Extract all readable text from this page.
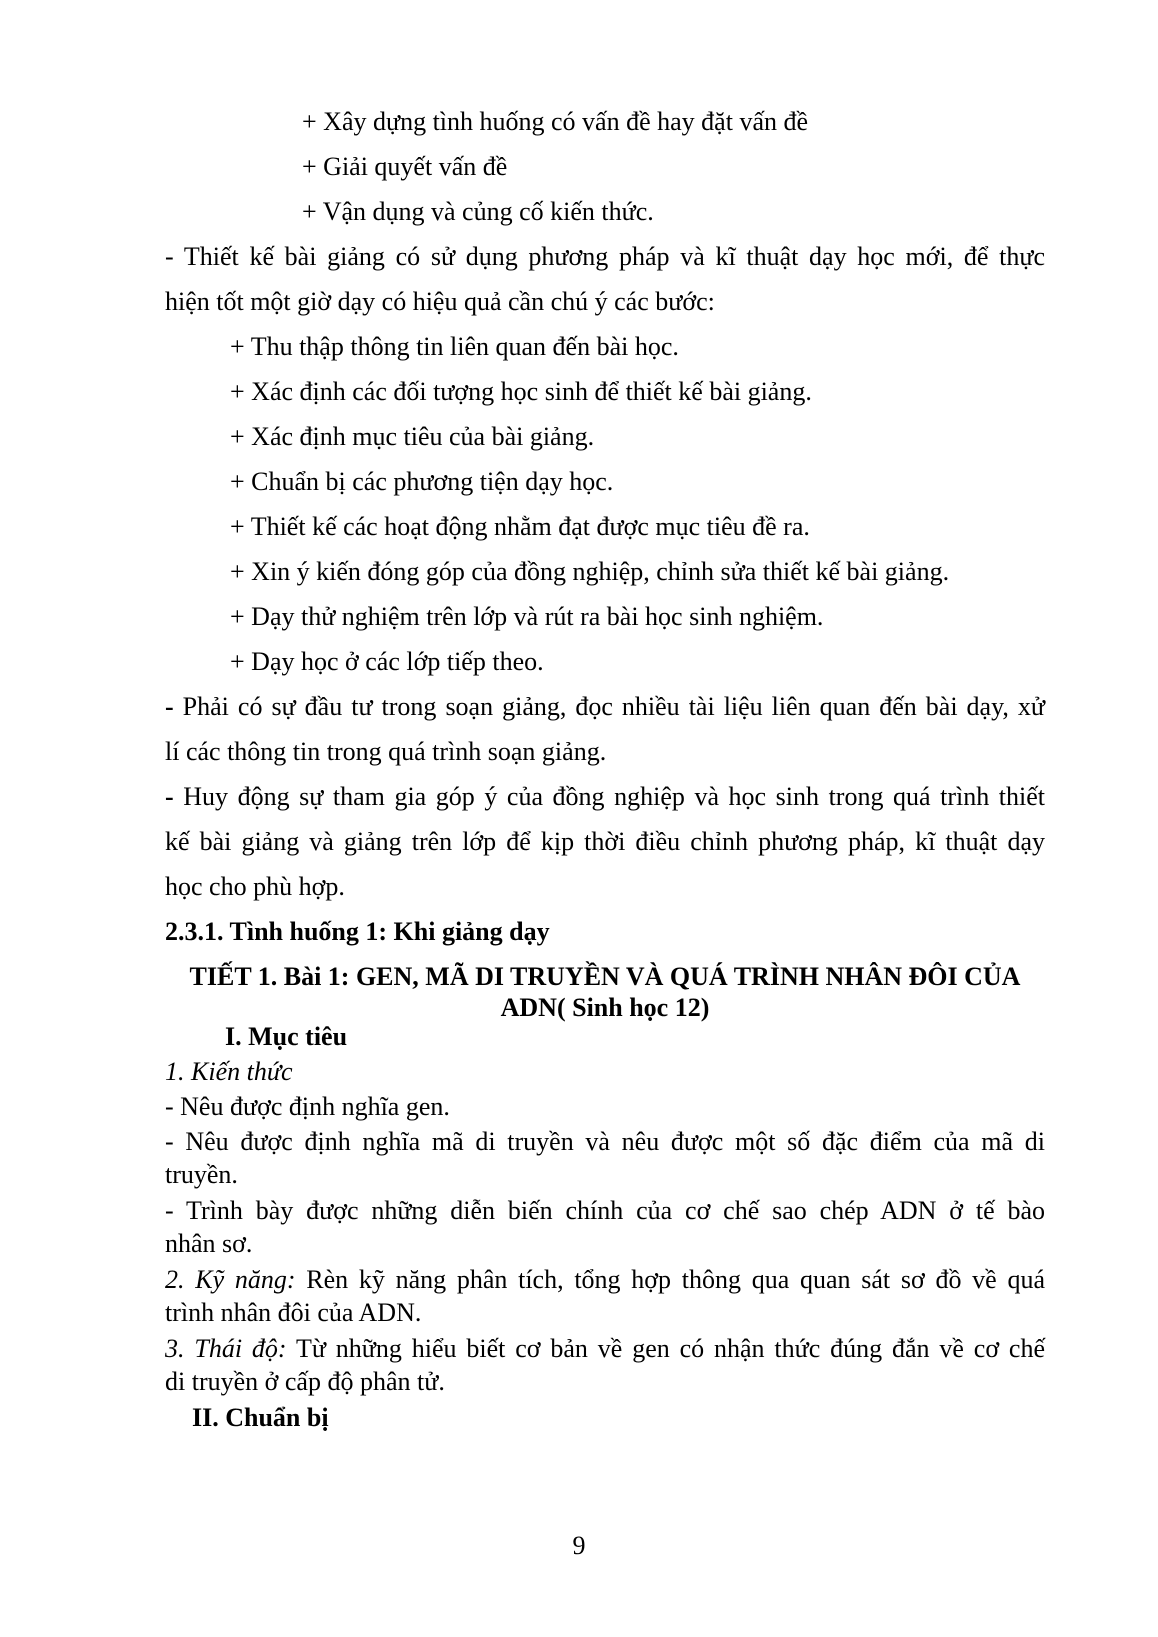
+ Xây dựng tình huống có vấn đề hay đặt vấn đề
+ Giải quyết vấn đề
+ Vận dụng và củng cố kiến thức.
- Thiết kế bài giảng có sử dụng phương pháp và kĩ thuật dạy học mới, để thực
hiện tốt một giờ dạy có hiệu quả cần chú ý các bước:
+ Thu thập thông tin liên quan đến bài học.
+ Xác định các đối tượng học sinh để thiết kế bài giảng.
+ Xác định mục tiêu của bài giảng.
+ Chuẩn bị các phương tiện dạy học.
+ Thiết kế các hoạt động nhằm đạt được mục tiêu đề ra.
+ Xin ý kiến đóng góp của đồng nghiệp, chỉnh sửa thiết kế bài giảng.
+ Dạy thử nghiệm trên lớp và rút ra bài học sinh nghiệm.
+ Dạy học ở các lớp tiếp theo.
- Phải có sự đầu tư trong soạn giảng, đọc nhiều tài liệu liên quan đến bài dạy, xử
lí các thông tin trong quá trình soạn giảng.
- Huy động sự tham gia góp ý của đồng nghiệp và học sinh trong quá trình thiết
kế bài giảng và giảng trên lớp để kịp thời điều chỉnh phương pháp, kĩ thuật dạy
học cho phù hợp.
2.3.1. Tình huống 1: Khi giảng dạy
TIẾT 1. Bài 1: GEN, MÃ DI TRUYỀN VÀ QUÁ TRÌNH NHÂN ĐÔI CỦA
ADN( Sinh học 12)
I. Mục tiêu
1. Kiến thức
- Nêu được định nghĩa gen.
- Nêu được định nghĩa mã di truyền và nêu được một số đặc điểm của mã di
truyền.
- Trình bày được những diễn biến chính của cơ chế sao chép ADN ở tế bào
nhân sơ.
2. Kỹ năng: Rèn kỹ năng phân tích, tổng hợp thông qua quan sát sơ đồ về quá
trình nhân đôi của ADN.
3. Thái độ: Từ những hiểu biết cơ bản về gen có nhận thức đúng đắn về cơ chế
di truyền ở cấp độ phân tử.
II. Chuẩn bị
9
